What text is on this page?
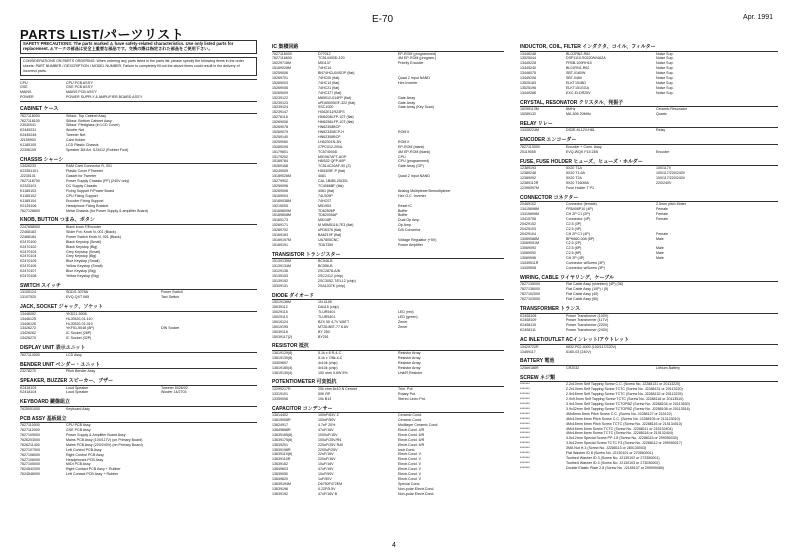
E-70	Apr. 1991
PARTS LIST/パーツリスト
SAFETY PRECAUTIONS: The parts marked ⚠ have safety-related characteristics. Use only listed parts for replacement. ⚠マークの部品は安全上重要な部品です。交換の際は指定された部品をご使用下さい。
CONSIDERATIONS ON PARTS ORDERING: When ordering any parts listed in the parts list, please specify the following items in the order sheets: PART NUMBER / DESCRIPTION / MODEL NUMBER. Failure to completely fill out the above items could result in the delivery of incorrect parts.
CPU	CPU PCB ASS'Y
GSE	GSE PCB ASS'Y
MAINS	MAINS PCB ASS'Y
POWER	POWER SUPPLY & AMPLIFIER BOARD ASS'Y
CABINET ケース
7627118000	Silkscr. Top Cabinet Assy
7627118100	Silkscr. Bottom Cabinet Assy
23040041	Silkscr. Plexiglass (in LCD Cover)
K2445231	Woofer Net
K2445245	Tweeter Net
J2155903	Card Holder
K1185105	LCD Plastic Chassis
22396105	Speaker 3M Art. SJ3412 (Rubber Foot)
CHASSIS シャーシ
13426233	RAM Card Connector R, 001
K23351101	Plastic Cover FTweeter
J2235101	Gasket for Tweeter
7627118700	Power Supply Chassis (PF) (240V only)
K2325101	DC Supply Chassis
K1185103	Fixing Support F/Power Board
K1185102	CPU Fixing Support
K1185104	Encoder Fixing Support
K2125106	Headphone Fixing Bracket
7627128800	Metal Chassis (for Power Supply & amplifier Board)
KNOB, BUTTON つまみ、ボタン
2247658900	Black knob F/Encoder
22468183	Slider Pot. Knob N, 001 (Black)
22468184	Power Switch Knob N, 001 (Black)
K2470100	Black Keystop (Small)
K2470102	Black Keystop (Big)
K2470103	Grey Keystop (Small)
K2470104	Grey Keystop (Big)
K2470105	Blue Keystop (Small)
K2470106	Yellow Keystop (Small)
K2470107	Blue Keystop (Big)
K2470108	Yellow Keystop (Big)
SWITCH スイッチ
13105124	SDDG-3078A	Power Switch
13107520	EVQ-QXT 065	Tact Switch
JACK, SOCKET ジャック、ソケット
13446052	YKD21-5006
13446125	HLJ0520-01-110
13446126	HLJ0520-01-010
13426272	YKF51-5048 (8P)	DIN Socket
13426262	IC Socket (28P)
13426270	IC Socket (32P)
DISPLAY UNIT 表示ユニット
7627114000	LCD Assy
BENDER UNIT ベンダー・ユニット
23278270	Pitch Bender Assy
SPEAKER, BUZZER スピーカー、ブザー
K2418103	Loud Speaker	Tweeter 5026/02
K2418104	Loud Speaker	Woofer 14/2703
KEYBOARD 鍵盤組立
7625001000	Keyboard Assy
PCB ASSY 基板組立
7627110000	CPU PCB Assy
7627112000	GSE PCB Assy
7627109000	Power Supply & Amplifier Board Assy
7626203000	Mains PCB Assy (100/117V) (on Primary Board)
7626211400	Mains PCB Assy (220/240V) (on Primary Board)
7627107000	Left Control PCB Assy
7627108000	Right Control PCB Assy
7627106000	Headphones PCB Assy
7627105000	MIDI PCB Assy
7624542000	Right Contact PCB Assy + Rubber
7624546000	Left Contact PCB Assy + Rubber
IC 集積回路
7627116000	D77012	EP-ROM (programmed)
7627116600	TC514400D-120	4M EP-ROM (program.)
15229718M	M51137	Priority Encoder
15169028M	74HC14
15259006	BN74HCU04SOP (flat)
15269701	74HC00 (flat)	Quad 2 Input NAND
15269003	74HC14 (flat)	Hex Inverter
15269006	74HC21 (flat)
15269009	74HC377 (flat)
15239122	M65012-014FP (flat)	Gate Array
15239123	uPD65005GF-322 (flat)	Gate Array
15239124	SSC1000	Gate Array (Key Scan)
15239147	HG62E11R23FS
15278115	HM6208LFP-10T (flat)
15269006	HM6256LFP-10T (flat)
15269078	HN62308BCP
15269079	HN623308CP-H	ROM II
15259140	HN62308BCP
15259060	LH62301N-3N	ROM II
15269205	27PC012-20NL	EP-ROM (blank)
15179801	TC574000D	4M EP-ROM (blank)
15179202	M51967AFT-AOP	CPU
15189784	H8/532 QFP-80P	CPU (programmed)
15269168	TC514C20AF-90 (Z)	Gate Array (GP)
15249005	HD6305F-P (flat)
15189026M	4081	Quad 2 Input NAND
15279902	CAL 1B/8B-25CB1
15259096	TC4066BF (flat)
15269006	4081 (flat)	Analog Multiplexer/Demultiplexer
15169004	74LS09P	Hex O.C. Inverter
15169038M	74HC07
15219005	M51953	Reset IC
15169800M	TD62506P	Buffer
15169808M	TD62005AP	Buffer
15169173	M5218P	Dual Op Amp
15269171	M M5M5116-7E3 (flat)	Op Amp
15289702	uPD6376 (flat)	D/A Convertor
15169183	BA6219F (flat)
15169197M	UA7805CNC	Voltage Regulator (+5V)
15169191	TDA7350	Power Amplifier
TRANSISTOR トランジスター
15139135M	BC546-B
15139134M	BC556-B
15129136	2SC2878-A/B
15139153	2SC2412 (chip)
15139192	2SC3052-T/EL12 (chip)
15309131	2SA1037K (chip)
DIODE ダイオード
15019136M	1N 4148
15039112	DA115 (chip)
15029115	TLUR5401	LED (red)
15029113	TLUR5401	LED (green)
15019124	BZX 55 4,7V WATT	Zener
15019195	MTZ6.8BT-77 6.8V	Zener
15039118	BY 250
15039117(2)	BY251
RESISTOR 抵抗
13619129(8)	5.1k x 8 R-4-C	Resistor Array
13619130(8)	5.1k x 7/8k-4-C	Resistor Array
15309697	4x10k (chip)	Resistor Array
13619180(4)	4x10k (chip)	Resistor Array
13619130(4)	100 ohm 0.6W 5%	Unit/R,Resistor
POTENTIOMETER 可変抵抗
13299217R	20k ohm 6x10 N Cermet	Trim. Pot.
13319101	50K RP	Rotary Pot.
13359006	10k B14	Stereo Lineo Pot.
CAPACITOR コンデンサー
13614402	100nF/63V Z	Ceramic Cond.
13619008R	100nF/50V	Ceramic Cond.
13624917	4.7nF 20%	Multilayer Ceramic Cond.
13649668R	47uF/16V	Electr.Cond. 4/R
13639165(8)	1000uF/16V	Electr.Cond. 6/R
13639175(8)	100uF/25V/R4	Electr.Cond. 6/R
13639201	220uF/25V R40	Electr.Cond. 6/R
13839198R	2200uF/25V	Instr.Cond.
13639110(8)	22uF/16V	Electr.Cond. V
13639110R	220uF/16V	Electr.Cond. V
13639162	10uF/16V	Electr.Cond. V
13649603	47uF/16V	Electr.Cond. V
13639050	10uF/50V	Electr.Cond. V
13649620	1uF/50V	Electr.Cond. V
13639194M	D6750F472EM	Special Cond.
13639196	0.22F/5.5V	Non-polar Electr.Cond.
13639192	47uF/16V B	Non-polar Electr.Cond.
INDUCTOR, COIL, FILTER インダクタ、コイル、フィルター
13446248	BLO2RN2-R62	Noise Sup.
13525044	DSP1110-S0220/W4A2A	Noise Sup.
13445228	FR0B-100RH15	Noise Sup.
13445240	BL01RN1-R62	Noise Sup.
13446075	SBT-0160W	Noise Sup.
13449206	SBT-0460	Noise Sup.
13525183	ELKT151BD	Noise Sup.
13525196	ELKT151GGA	Noise Sup.
13449266	EXC-ELDR25V	Noise Sup.
CRYSTAL, RESONATOR クリスタル、発振子
15299113M	8MHz	Ceramic Resonator
15289132	MA-506 20MHz	Quartz
RELAY リレー
13435224M	DS2E-M-12V-H81	Relay
ENCODER エンコーダー
7627113000	Encoder + Conn. Assy
20119055	EVQ-WQK F15 24B	Encoder
FUSE, FUSE HOLDER ヒューズ、ヒューズ・ホルダー
12389193	5X20 T1A	100/117V
12389248	5X20 T1.6A	100/117/220/240V
12389092	5X20 T2A	100/117/220/240V
12389112R	5X20 T160MA	220/240V
12399097M	Fuse Holder T P1
CONNECTOR コネクター
20469102	Connector (female)	2.5mm pitch Molex
13415698M	FR5408P10 (4P)	Female
13415699M	CH 2P C1 (2P)	Female
13415708	Connector (4P)	Female
20429102	C2.5 (3P)
20429103	C2.5 (4P)
20429104	CH 2P C1 (4P)	Female
13069088M	BPH660-008 (6P)	Male
13069091M	C2.5 (2P)
13069093	C2.5 (6P)	Male
13069092	C2.5 (8P)	Male
13069096	CH 2P (4P)	Male
13439511R	Connector wiScrew (3P)
13439508	Connector wiScrew (3P)
WIRING, CABLE ワイヤリング、ケーブル
7627135000	Flat Cable Assy (shielded) (4P) (36)
7627136000	Flat Cable Assy (10P) / (5)
7627102000	Flat Cable Assy (40)
7627103000	Flat Cable Assy (50)
TRANSFORMER トランス
K2458108	Power Transformer (100V)
K2458109	Power Transformer (117V)
K2458110	Power Transformer (220V)
K2458111	Power Transformer (240V)
AC INLET/OUTLET ACインレット/アウトレット
13429722R	6832.P02-4000 (100/117/220V)
13469117	6160-03 (240V)
BATTERY 電池
12569188R	CR2032	Lithium Battery
SCREW ネジ類
*******	2.2x10mm Self Tapping Screw C.C. (Screw No. J2288131 or 20113220)
*******	2.2x13mm Self Tapping Screw TCTC (Screw No. J2288131 or 20113220)
*******	2.9x16mm Self Tapping Screw TCTC (Screw No. J2288132 or 20113225)
*******	2.9x9.5mm Self Tapping Screw TCTC (Screw No. J2288116 or 20113510)
*******	3.9x13mm Self Tapping Screw TCTOPBZ (Screw No. J2288104 or 20113530)
*******	3.9x32mm Self Tapping Screw TCTOPBZ (Screw No. J2288108 or 20113516)
*******	4Mx8mm 8mm Pitch Screw C.C. (Screw No. J2288127 or 215122)
*******	4Mx10mm 6mm Pitch Screw C.C. (Screw No. J2288105 or 213123010)
*******	4Mx16mm 6mm Pitch Screw TCTC (Screw No. J2288116 or 215134010)
*******	4Mx16mm 6mm Screw TCTC (Screw No. J2288111 or 215132404)
*******	4Mx18mm 6mm Screw TCTC (Screw No. J2288118 or 215132404)
*******	3.5x12mm Special Screw PP 1.8 (Screw No. J2288115 or 299090030)
*******	3.5x12mm Special Screw TCTC F3 (Screw No. J2288112 or 299090017)
*******	3MA Nut H.3 (Screw No. J2288113 or 260130003)
*******	Flat Washer ID 8 (Screw No. J2130101 or 270560001)
*******	Toothed Washer ID 3 (Screw No. J2130102 or 273350001)
*******	Toothed Washer ID 4 (Screw No. J2130103 or 273030002)
*******	Double Elastic Plate 2.8 (Screw No. J2155107 or 299090080)
4
